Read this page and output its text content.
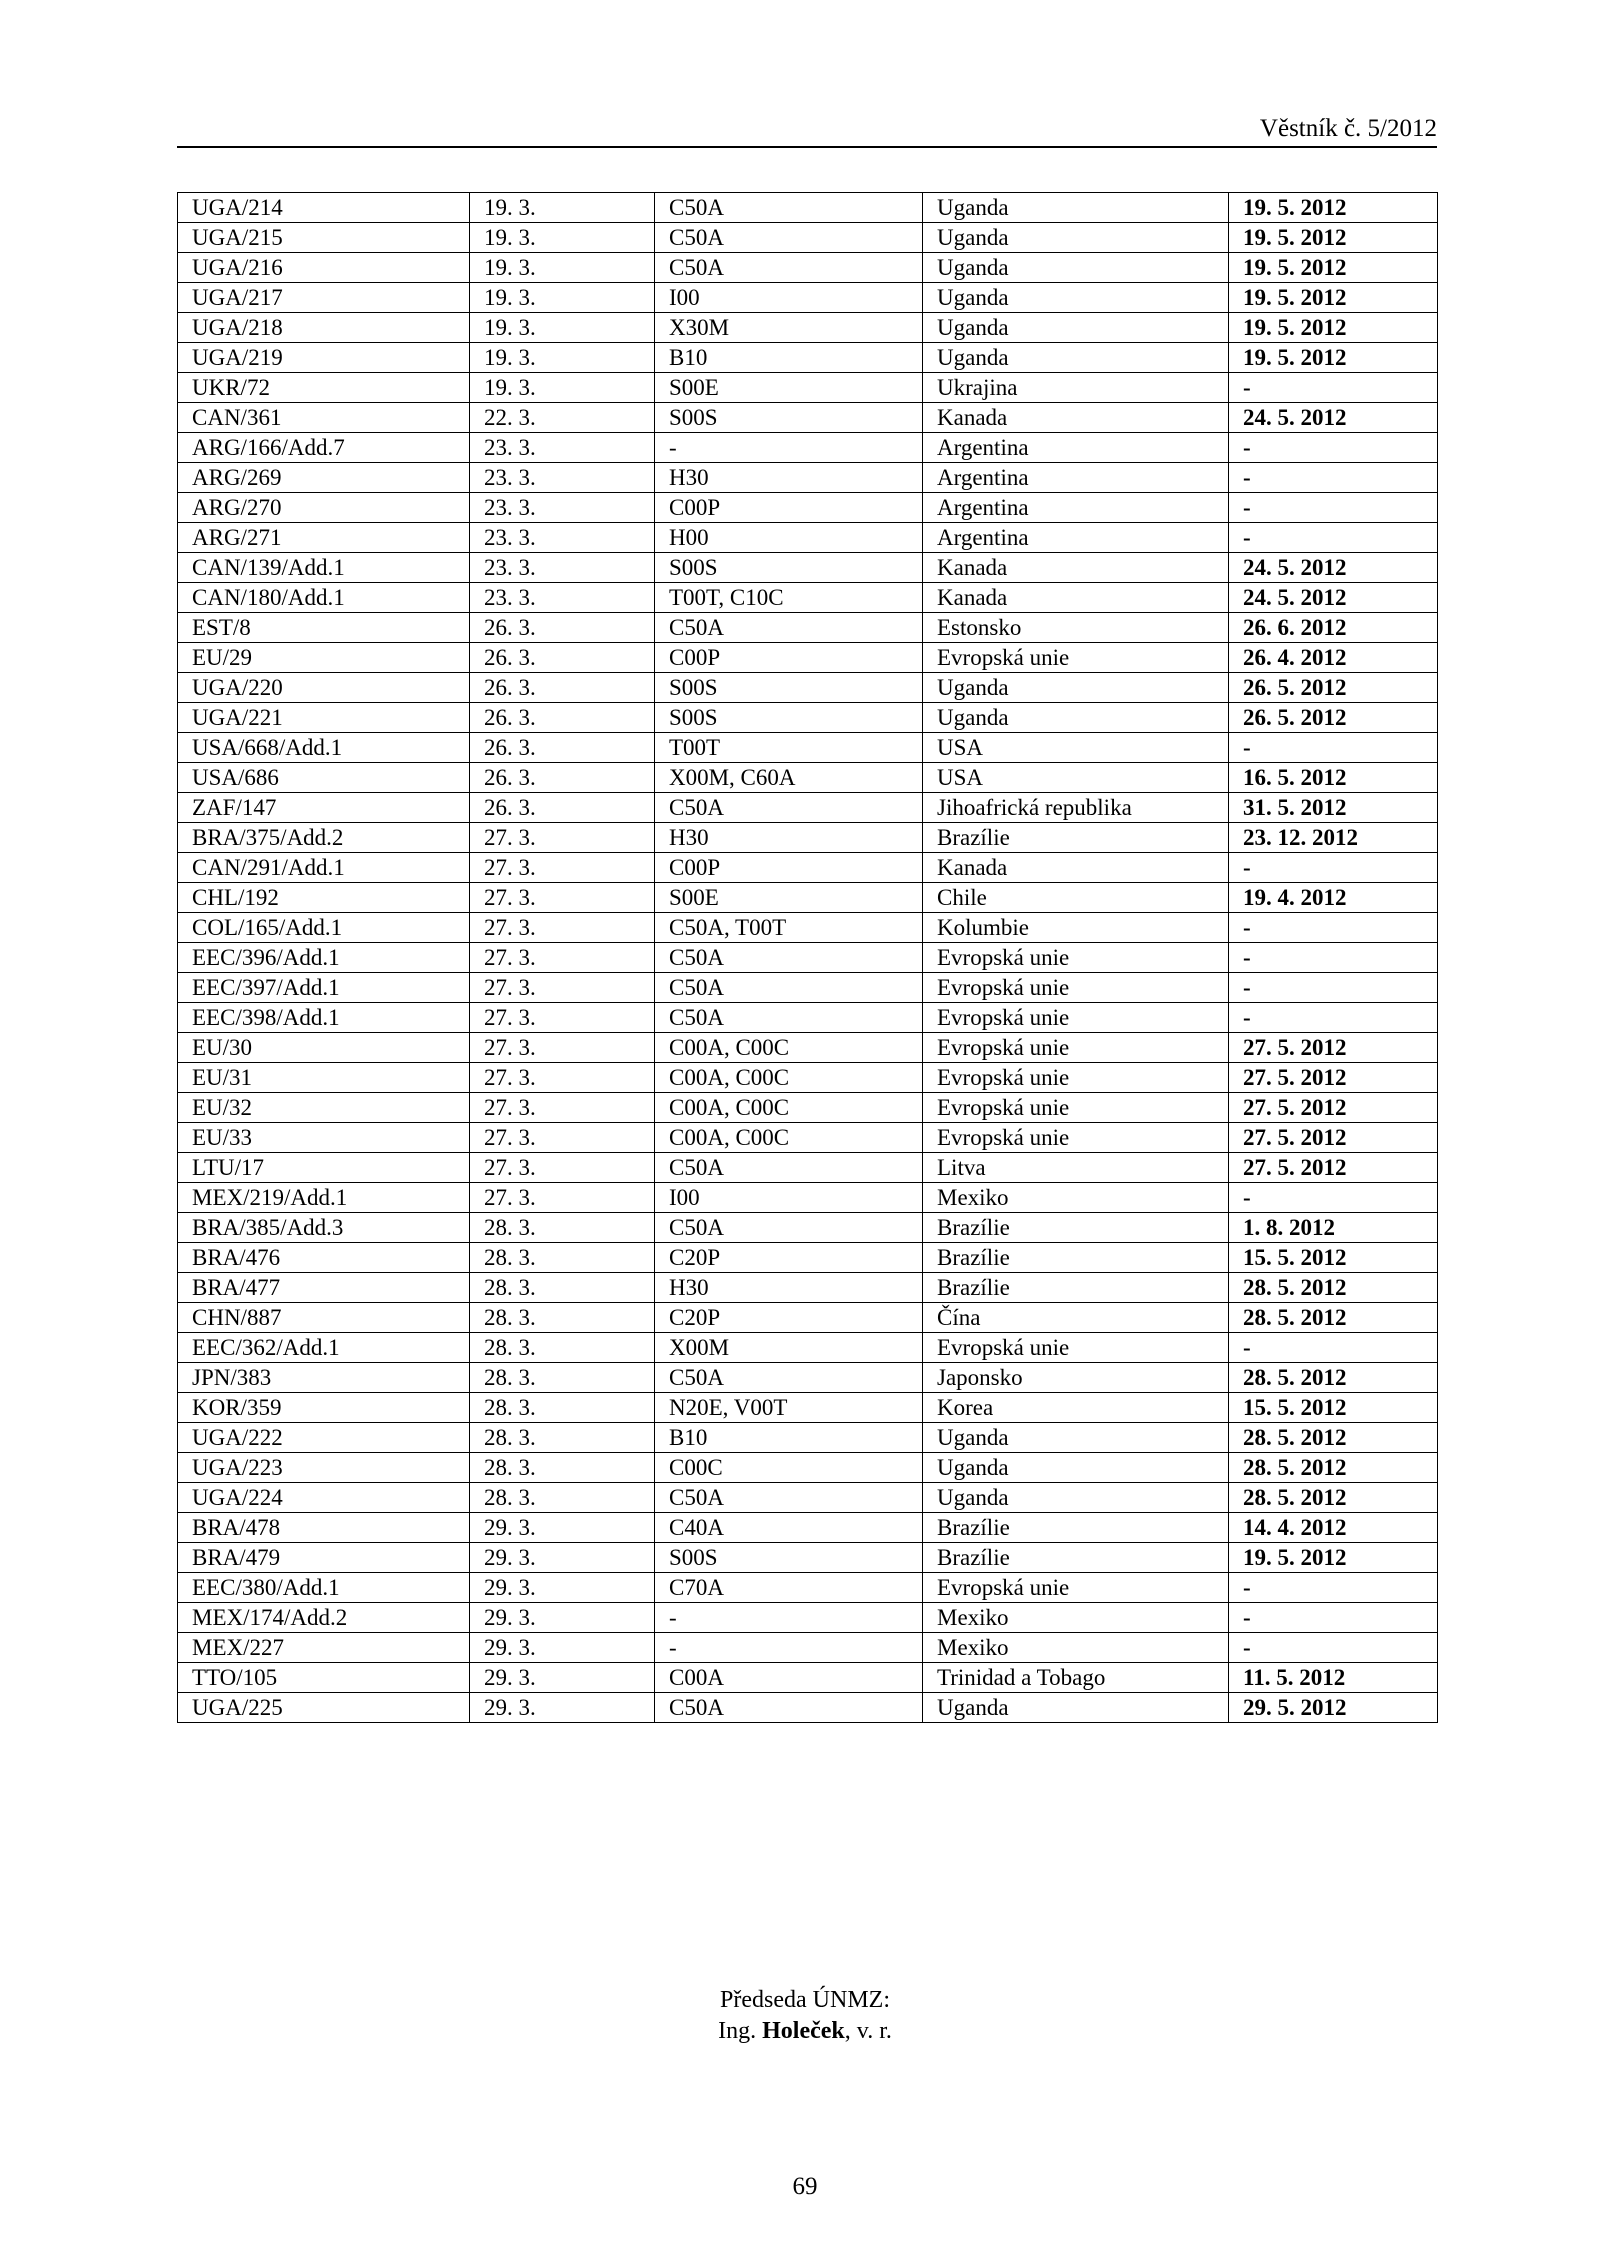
Věstník č. 5/2012
UGA/214	19. 3.	C50A	Uganda	19. 5. 2012
UGA/215	19. 3.	C50A	Uganda	19. 5. 2012
UGA/216	19. 3.	C50A	Uganda	19. 5. 2012
UGA/217	19. 3.	I00	Uganda	19. 5. 2012
UGA/218	19. 3.	X30M	Uganda	19. 5. 2012
UGA/219	19. 3.	B10	Uganda	19. 5. 2012
UKR/72	19. 3.	S00E	Ukrajina	-
CAN/361	22. 3.	S00S	Kanada	24. 5. 2012
ARG/166/Add.7	23. 3.	-	Argentina	-
ARG/269	23. 3.	H30	Argentina	-
ARG/270	23. 3.	C00P	Argentina	-
ARG/271	23. 3.	H00	Argentina	-
CAN/139/Add.1	23. 3.	S00S	Kanada	24. 5. 2012
CAN/180/Add.1	23. 3.	T00T, C10C	Kanada	24. 5. 2012
EST/8	26. 3.	C50A	Estonsko	26. 6. 2012
EU/29	26. 3.	C00P	Evropská unie	26. 4. 2012
UGA/220	26. 3.	S00S	Uganda	26. 5. 2012
UGA/221	26. 3.	S00S	Uganda	26. 5. 2012
USA/668/Add.1	26. 3.	T00T	USA	-
USA/686	26. 3.	X00M, C60A	USA	16. 5. 2012
ZAF/147	26. 3.	C50A	Jihoafrická republika	31. 5. 2012
BRA/375/Add.2	27. 3.	H30	Brazílie	23. 12. 2012
CAN/291/Add.1	27. 3.	C00P	Kanada	-
CHL/192	27. 3.	S00E	Chile	19. 4. 2012
COL/165/Add.1	27. 3.	C50A, T00T	Kolumbie	-
EEC/396/Add.1	27. 3.	C50A	Evropská unie	-
EEC/397/Add.1	27. 3.	C50A	Evropská unie	-
EEC/398/Add.1	27. 3.	C50A	Evropská unie	-
EU/30	27. 3.	C00A, C00C	Evropská unie	27. 5. 2012
EU/31	27. 3.	C00A, C00C	Evropská unie	27. 5. 2012
EU/32	27. 3.	C00A, C00C	Evropská unie	27. 5. 2012
EU/33	27. 3.	C00A, C00C	Evropská unie	27. 5. 2012
LTU/17	27. 3.	C50A	Litva	27. 5. 2012
MEX/219/Add.1	27. 3.	I00	Mexiko	-
BRA/385/Add.3	28. 3.	C50A	Brazílie	1. 8. 2012
BRA/476	28. 3.	C20P	Brazílie	15. 5. 2012
BRA/477	28. 3.	H30	Brazílie	28. 5. 2012
CHN/887	28. 3.	C20P	Čína	28. 5. 2012
EEC/362/Add.1	28. 3.	X00M	Evropská unie	-
JPN/383	28. 3.	C50A	Japonsko	28. 5. 2012
KOR/359	28. 3.	N20E, V00T	Korea	15. 5. 2012
UGA/222	28. 3.	B10	Uganda	28. 5. 2012
UGA/223	28. 3.	C00C	Uganda	28. 5. 2012
UGA/224	28. 3.	C50A	Uganda	28. 5. 2012
BRA/478	29. 3.	C40A	Brazílie	14. 4. 2012
BRA/479	29. 3.	S00S	Brazílie	19. 5. 2012
EEC/380/Add.1	29. 3.	C70A	Evropská unie	-
MEX/174/Add.2	29. 3.	-	Mexiko	-
MEX/227	29. 3.	-	Mexiko	-
TTO/105	29. 3.	C00A	Trinidad a Tobago	11. 5. 2012
UGA/225	29. 3.	C50A	Uganda	29. 5. 2012
Předseda ÚNMZ:
Ing. Holeček, v. r.
69
